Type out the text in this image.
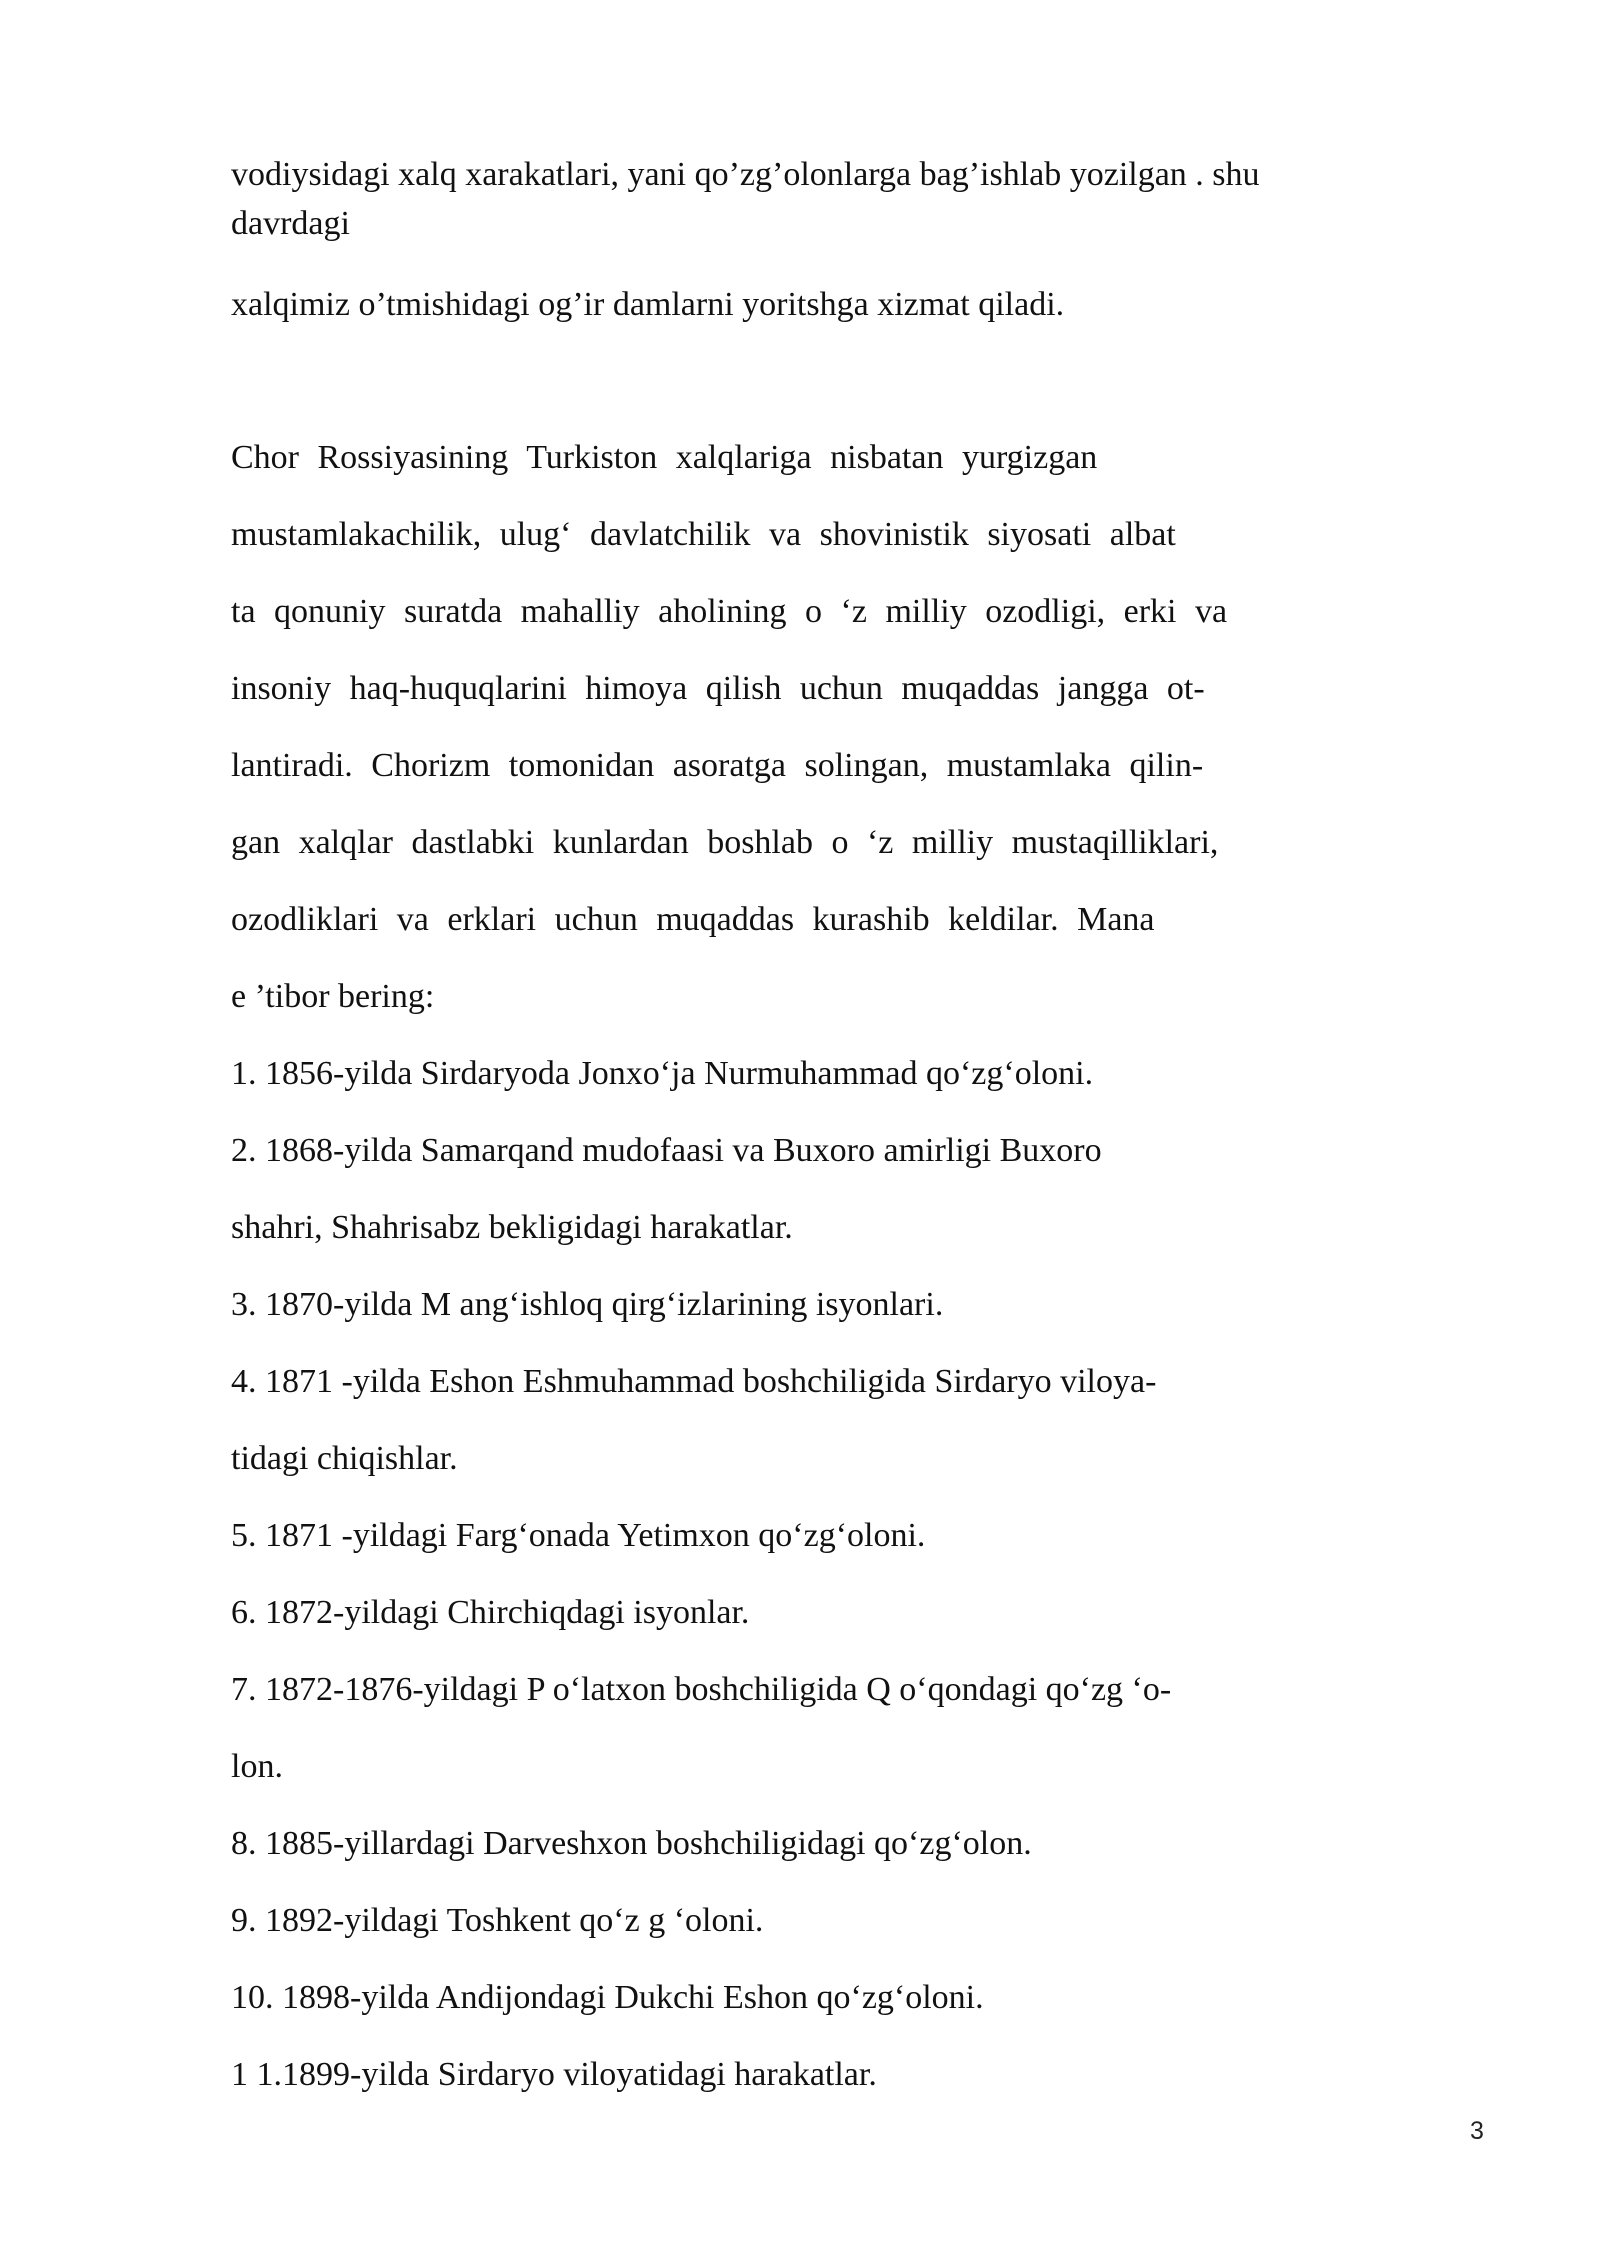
vodiysidagi xalq xarakatlari, yani qo’zg’olonlarga bag’ishlab yozilgan . shu
davrdagi
xalqimiz o’tmishidagi og’ir damlarni yoritshga xizmat qiladi.
Chor Rossiyasining Turkiston xalqlariga nisbatan yurgizgan
mustamlakachilik, ulug‘ davlatchilik va shovinistik siyosati albat
ta qonuniy suratda mahalliy aholining o ‘z milliy ozodligi, erki va
insoniy haq-huquqlarini himoya qilish uchun muqaddas jangga ot-
lantiradi. Chorizm tomonidan asoratga solingan, mustamlaka qilin-
gan xalqlar dastlabki kunlardan boshlab o ‘z milliy mustaqilliklari,
ozodliklari va erklari uchun muqaddas kurashib keldilar. Mana
e ’tibor bering:
1. 1856-yilda Sirdaryoda Jonxo‘ja Nurmuhammad qo‘zg‘oloni.
2. 1868-yilda Samarqand mudofaasi va Buxoro amirligi Buxoro
shahri, Shahrisabz bekligidagi harakatlar.
3. 1870-yilda M ang‘ishloq qirg‘izlarining isyonlari.
4. 1871 -yilda Eshon Eshmuhammad boshchiligida Sirdaryo viloya-
tidagi chiqishlar.
5. 1871 -yildagi Farg‘onada Yetimxon qo‘zg‘oloni.
6. 1872-yildagi Chirchiqdagi isyonlar.
7. 1872-1876-yildagi P o‘latxon boshchiligida Q o‘qondagi qo‘zg ‘o-
lon.
8. 1885-yillardagi Darveshxon boshchiligidagi qo‘zg‘olon.
9. 1892-yildagi Toshkent qo‘z g ‘oloni.
10. 1898-yilda Andijondagi Dukchi Eshon qo‘zg‘oloni.
1 1.1899-yilda Sirdaryo viloyatidagi harakatlar.
3
